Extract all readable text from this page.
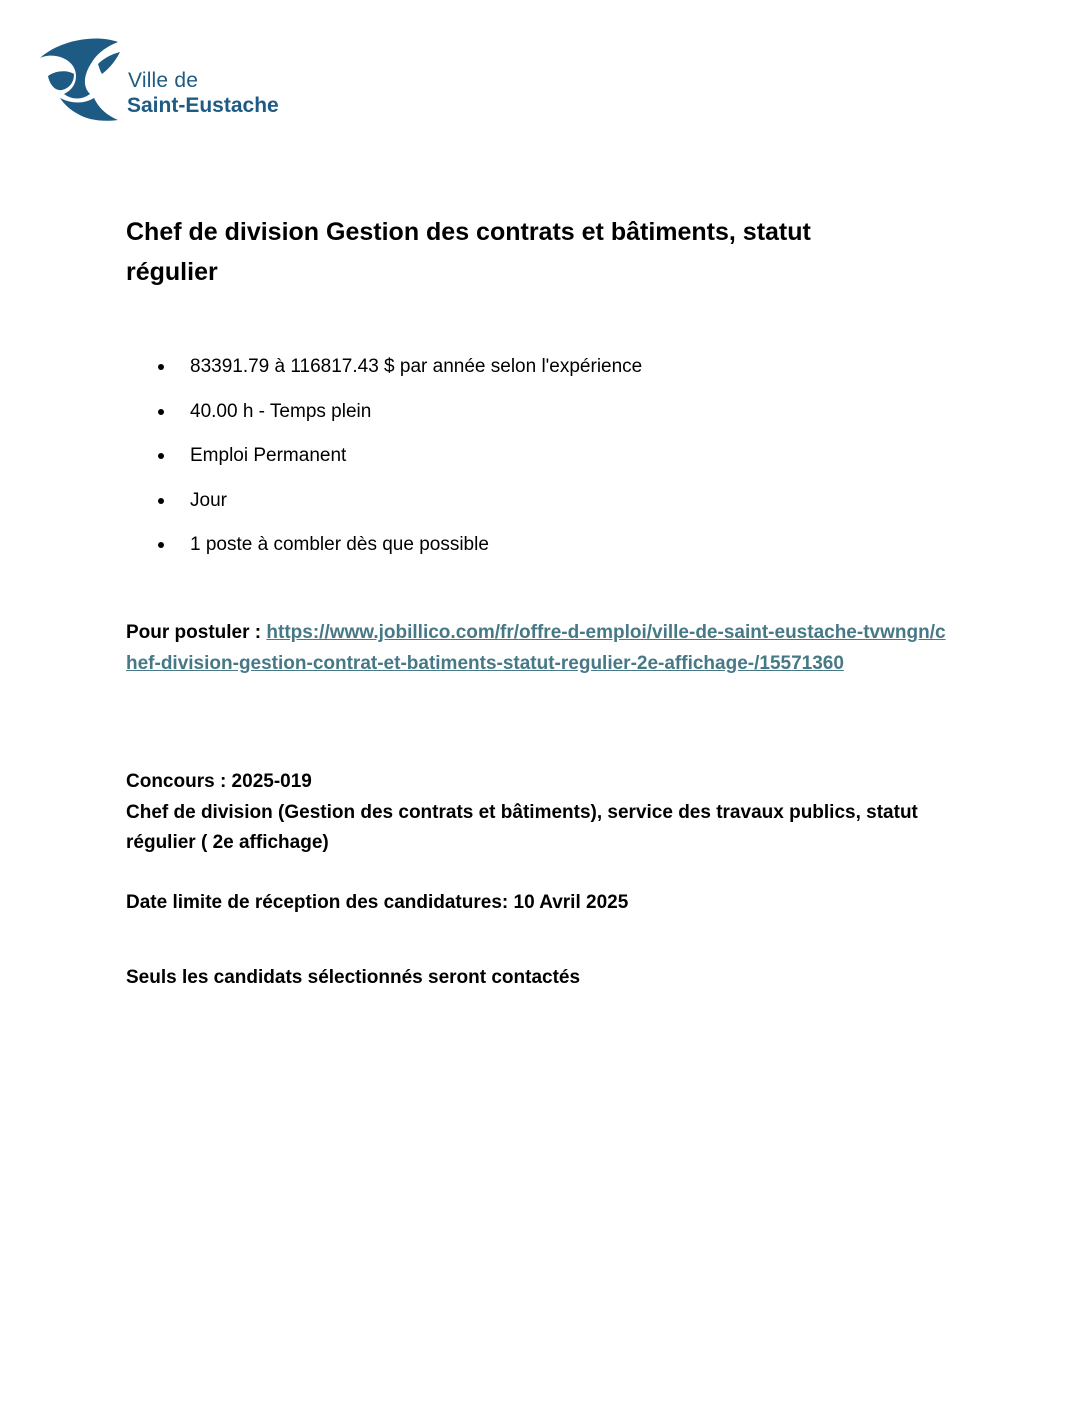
Ville de
Saint-Eustache
Chef de division Gestion des contrats et bâtiments, statut régulier
83391.79 à 116817.43 $ par année selon l'expérience
40.00 h - Temps plein
Emploi Permanent
Jour
1 poste à combler dès que possible
Pour postuler : https://www.jobillico.com/fr/offre-d-emploi/ville-de-saint-eustache-tvwngn/chef-division-gestion-contrat-et-batiments-statut-regulier-2e-affichage-/15571360
Concours : 2025-019
Chef de division (Gestion des contrats et bâtiments), service des travaux publics, statut régulier ( 2e affichage)
Date limite de réception des candidatures: 10 Avril 2025
Seuls les candidats sélectionnés seront contactés
